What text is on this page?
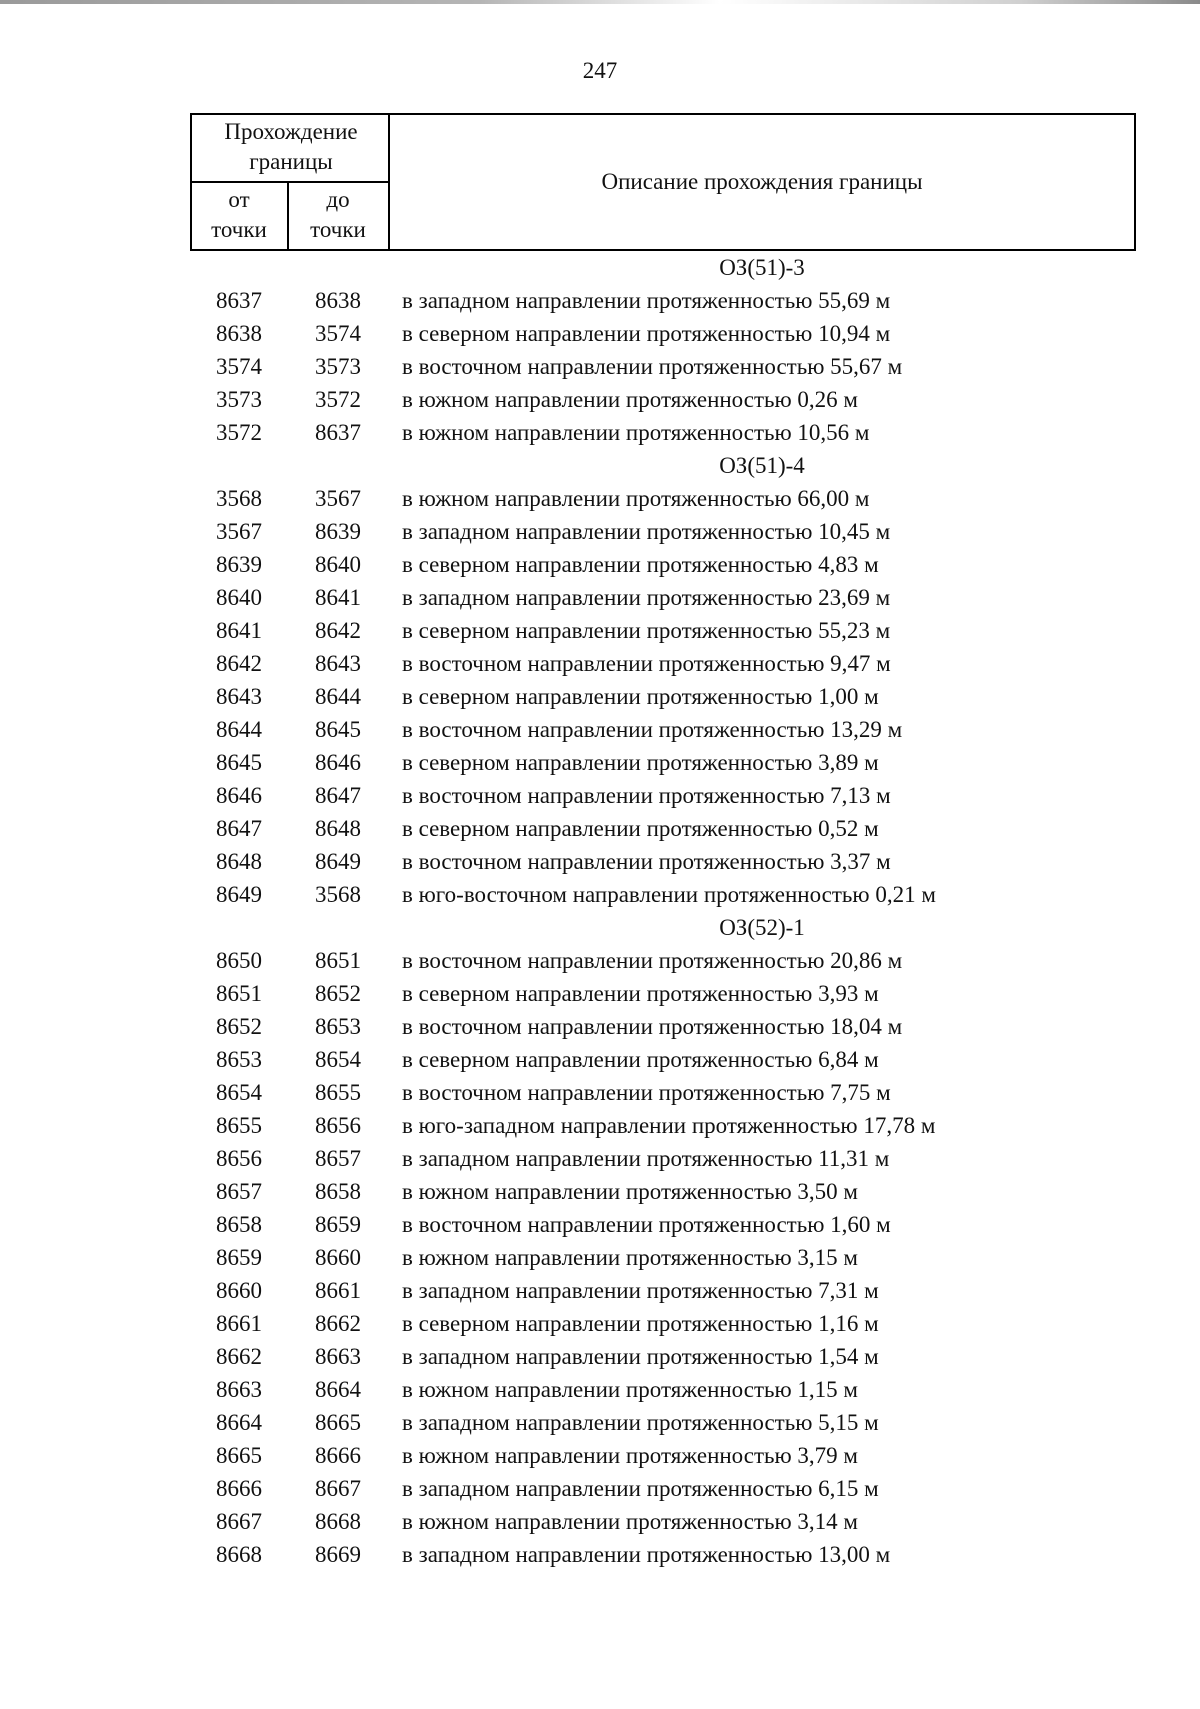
247
Прохождение границы
от точки
до точки
Описание прохождения границы
ОЗ(51)-3
8637	8638	в западном направлении протяженностью 55,69 м
8638	3574	в северном направлении протяженностью 10,94 м
3574	3573	в восточном направлении протяженностью 55,67 м
3573	3572	в южном направлении протяженностью 0,26 м
3572	8637	в южном направлении протяженностью 10,56 м
ОЗ(51)-4
3568	3567	в южном направлении протяженностью 66,00 м
3567	8639	в западном направлении протяженностью 10,45 м
8639	8640	в северном направлении протяженностью 4,83 м
8640	8641	в западном направлении протяженностью 23,69 м
8641	8642	в северном направлении протяженностью 55,23 м
8642	8643	в восточном направлении протяженностью 9,47 м
8643	8644	в северном направлении протяженностью 1,00 м
8644	8645	в восточном направлении протяженностью 13,29 м
8645	8646	в северном направлении протяженностью 3,89 м
8646	8647	в восточном направлении протяженностью 7,13 м
8647	8648	в северном направлении протяженностью 0,52 м
8648	8649	в восточном направлении протяженностью 3,37 м
8649	3568	в юго-восточном направлении протяженностью 0,21 м
ОЗ(52)-1
8650	8651	в восточном направлении протяженностью 20,86 м
8651	8652	в северном направлении протяженностью 3,93 м
8652	8653	в восточном направлении протяженностью 18,04 м
8653	8654	в северном направлении протяженностью 6,84 м
8654	8655	в восточном направлении протяженностью 7,75 м
8655	8656	в юго-западном направлении протяженностью 17,78 м
8656	8657	в западном направлении протяженностью 11,31 м
8657	8658	в южном направлении протяженностью 3,50 м
8658	8659	в восточном направлении протяженностью 1,60 м
8659	8660	в южном направлении протяженностью 3,15 м
8660	8661	в западном направлении протяженностью 7,31 м
8661	8662	в северном направлении протяженностью 1,16 м
8662	8663	в западном направлении протяженностью 1,54 м
8663	8664	в южном направлении протяженностью 1,15 м
8664	8665	в западном направлении протяженностью 5,15 м
8665	8666	в южном направлении протяженностью 3,79 м
8666	8667	в западном направлении протяженностью 6,15 м
8667	8668	в южном направлении протяженностью 3,14 м
8668	8669	в западном направлении протяженностью 13,00 м
